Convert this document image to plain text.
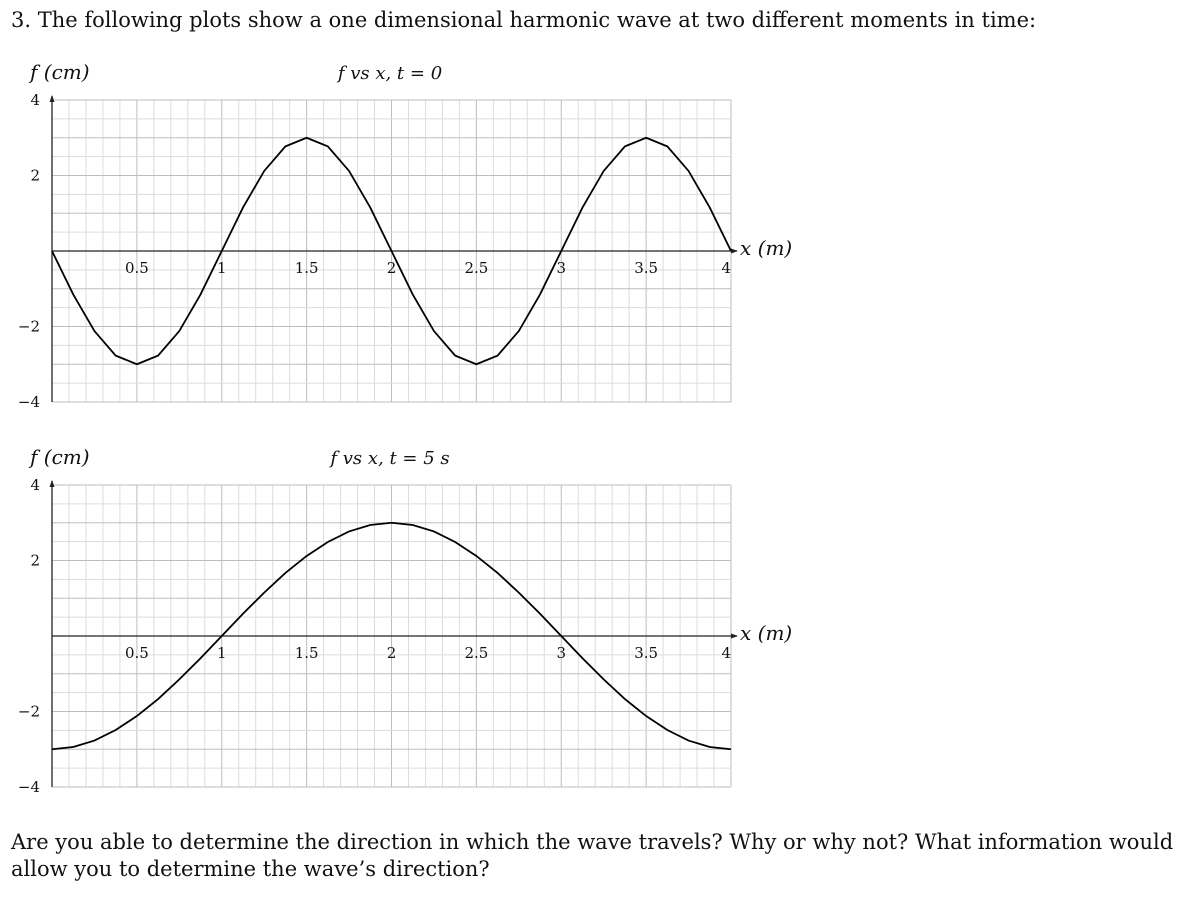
3. The following plots show a one dimensional harmonic wave at two different moments in time:
0.5	1	1.5	2	2.5	3	3.5	4
4
2
−2
−4
f (cm)
x (m)
f vs x, t = 0
0.5	1	1.5	2	2.5	3	3.5	4
4
2
−2
−4
f (cm)
x (m)
f vs x, t = 5 s
Are you able to determine the direction in which the wave travels? Why or why not? What information would allow you to determine the wave’s direction?
